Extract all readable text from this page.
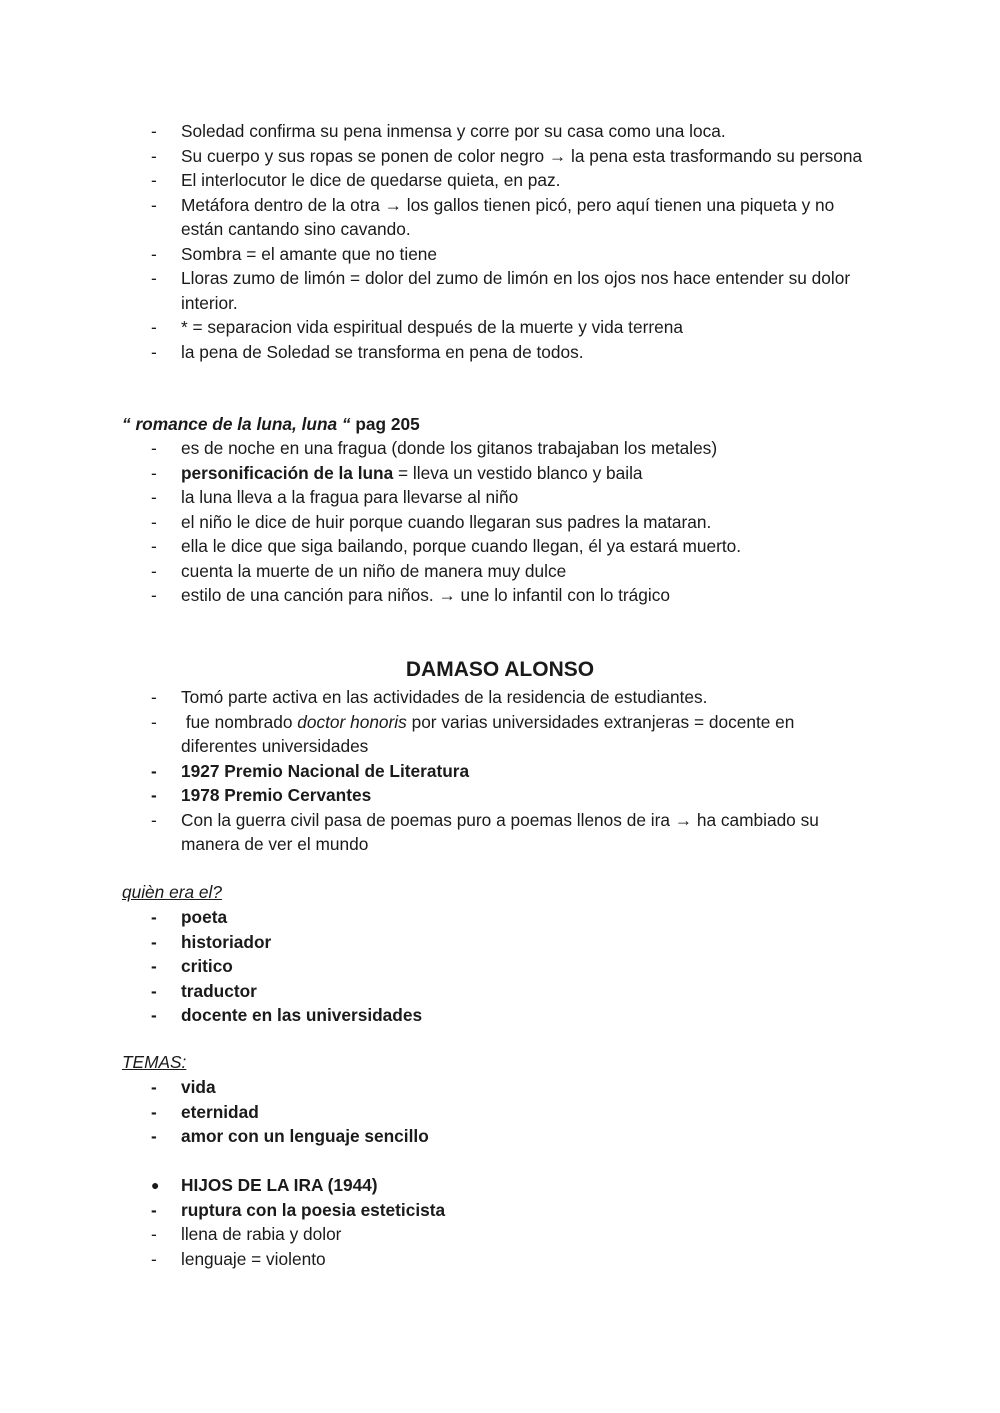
-	Soledad confirma su pena inmensa y corre por su casa como una loca.
-	Su cuerpo y sus ropas se ponen de color negro → la pena esta trasformando su persona
-	El interlocutor le dice de quedarse quieta, en paz.
-	Metáfora dentro de la otra → los gallos tienen picó, pero aquí tienen una piqueta y no están cantando sino cavando.
-	Sombra = el amante que no tiene
-	Lloras zumo de limón = dolor del zumo de limón en los ojos nos hace entender su dolor interior.
-	* = separacion vida espiritual después de la muerte y vida terrena
-	la pena de Soledad se transforma en pena de todos.
“ romance de la luna, luna “ pag 205
-	es de noche en una fragua (donde los gitanos trabajaban los metales)
-	personificación de la luna = lleva un vestido blanco y baila
-	la luna lleva a la fragua para llevarse al niño
-	el niño le dice de huir porque cuando llegaran sus padres la mataran.
-	ella le dice que siga bailando, porque cuando llegan, él ya estará muerto.
-	cuenta la muerte de un niño de manera muy dulce
-	estilo de una canción para niños. → une lo infantil con lo trágico
DAMASO ALONSO
-	Tomó parte activa en las actividades de la residencia de estudiantes.
-	fue nombrado doctor honoris por varias universidades extranjeras = docente en diferentes universidades
-	1927 Premio Nacional de Literatura
-	1978 Premio Cervantes
-	Con la guerra civil pasa de poemas puro a poemas llenos de ira → ha cambiado su manera de ver el mundo
quièn era el?
-	poeta
-	historiador
-	critico
-	traductor
-	docente en las universidades
TEMAS:
-	vida
-	eternidad
-	amor con un lenguaje sencillo
● HIJOS DE LA IRA (1944)
-	ruptura con la poesia esteticista
-	llena de rabia y dolor
-	lenguaje = violento
